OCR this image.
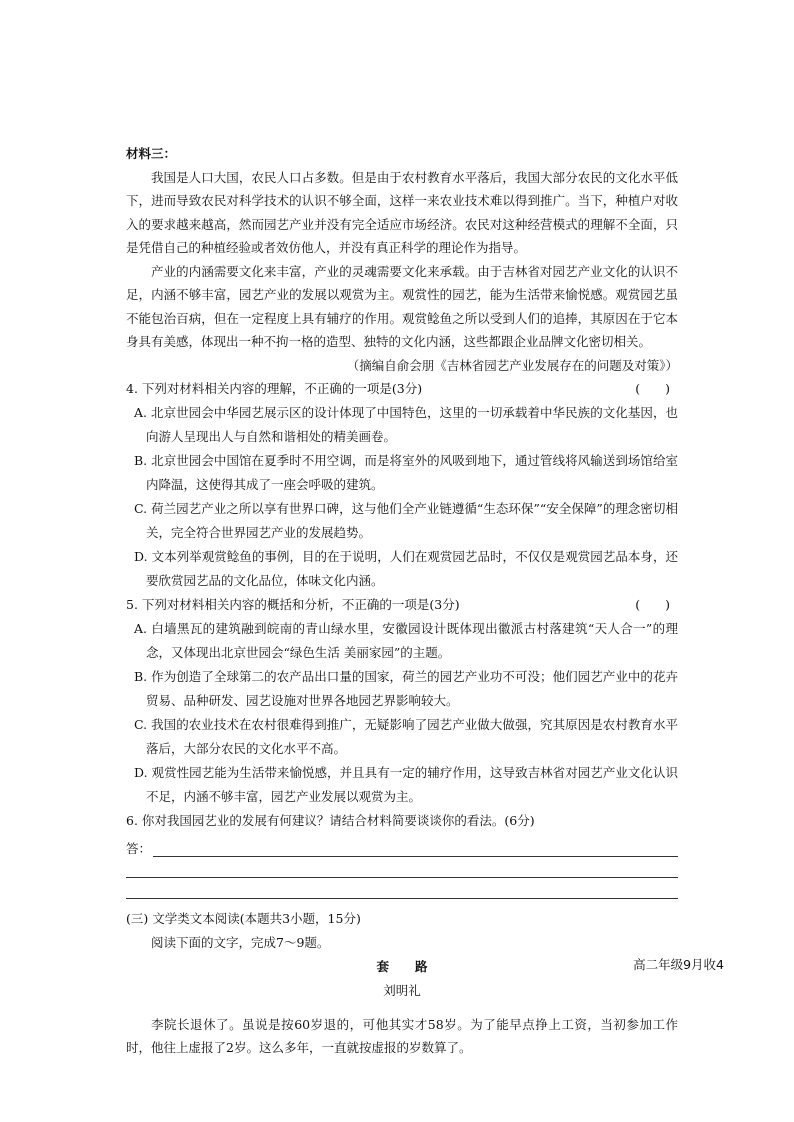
材料三：

我国是人口大国，农民人口占多数。但是由于农村教育水平落后，我国大部分农民的文化水平低下，进而导致农民对科学技术的认识不够全面，这样一来农业技术难以得到推广。当下，种植户对收入的要求越来越高，然而园艺产业并没有完全适应市场经济。农民对这种经营模式的理解不全面，只是凭借自己的种植经验或者效仿他人，并没有真正科学的理论作为指导。

产业的内涵需要文化来丰富，产业的灵魂需要文化来承载。由于吉林省对园艺产业文化的认识不足，内涵不够丰富，园艺产业的发展以观赏为主。观赏性的园艺，能为生活带来愉悦感。观赏园艺虽不能包治百病，但在一定程度上具有辅疗的作用。观赏鲶鱼之所以受到人们的追捧，其原因在于它本身具有美感，体现出一种不拘一格的造型、独特的文化内涵，这些都跟企业品牌文化密切相关。

（摘编自俞会朋《吉林省园艺产业发展存在的问题及对策》）

4. 下列对材料相关内容的理解，不正确的一项是(3分)	(　　)

A. 北京世园会中华园艺展示区的设计体现了中国特色，这里的一切承载着中华民族的文化基因，也向游人呈现出人与自然和谐相处的精美画卷。

B. 北京世园会中国馆在夏季时不用空调，而是将室外的风吸到地下，通过管线将风输送到场馆给室内降温，这使得其成了一座会呼吸的建筑。

C. 荷兰园艺产业之所以享有世界口碑，这与他们全产业链遵循“生态环保”“安全保障”的理念密切相关，完全符合世界园艺产业的发展趋势。

D. 文本列举观赏鲶鱼的事例，目的在于说明，人们在观赏园艺品时，不仅仅是观赏园艺品本身，还要欣赏园艺品的文化品位，体味文化内涵。

5. 下列对材料相关内容的概括和分析，不正确的一项是(3分)	(　　)

A. 白墙黑瓦的建筑融到皖南的青山绿水里，安徽园设计既体现出徽派古村落建筑“天人合一”的理念，又体现出北京世园会“绿色生活 美丽家园”的主题。

B. 作为创造了全球第二的农产品出口量的国家，荷兰的园艺产业功不可没；他们园艺产业中的花卉贸易、品种研发、园艺设施对世界各地园艺界影响较大。

C. 我国的农业技术在农村很难得到推广，无疑影响了园艺产业做大做强，究其原因是农村教育水平落后，大部分农民的文化水平不高。

D. 观赏性园艺能为生活带来愉悦感，并且具有一定的辅疗作用，这导致吉林省对园艺产业文化认识不足，内涵不够丰富，园艺产业发展以观赏为主。

6. 你对我国园艺业的发展有何建议？请结合材料简要谈谈你的看法。(6分)

答：

(三) 文学类文本阅读(本题共3小题，15分)

阅读下面的文字，完成7～9题。

套路

刘明礼

李院长退休了。虽说是按60岁退的，可他其实才58岁。为了能早点挣上工资，当初参加工作时，他往上虚报了2岁。这么多年，一直就按虚报的岁数算了。

高二年级9月收4
